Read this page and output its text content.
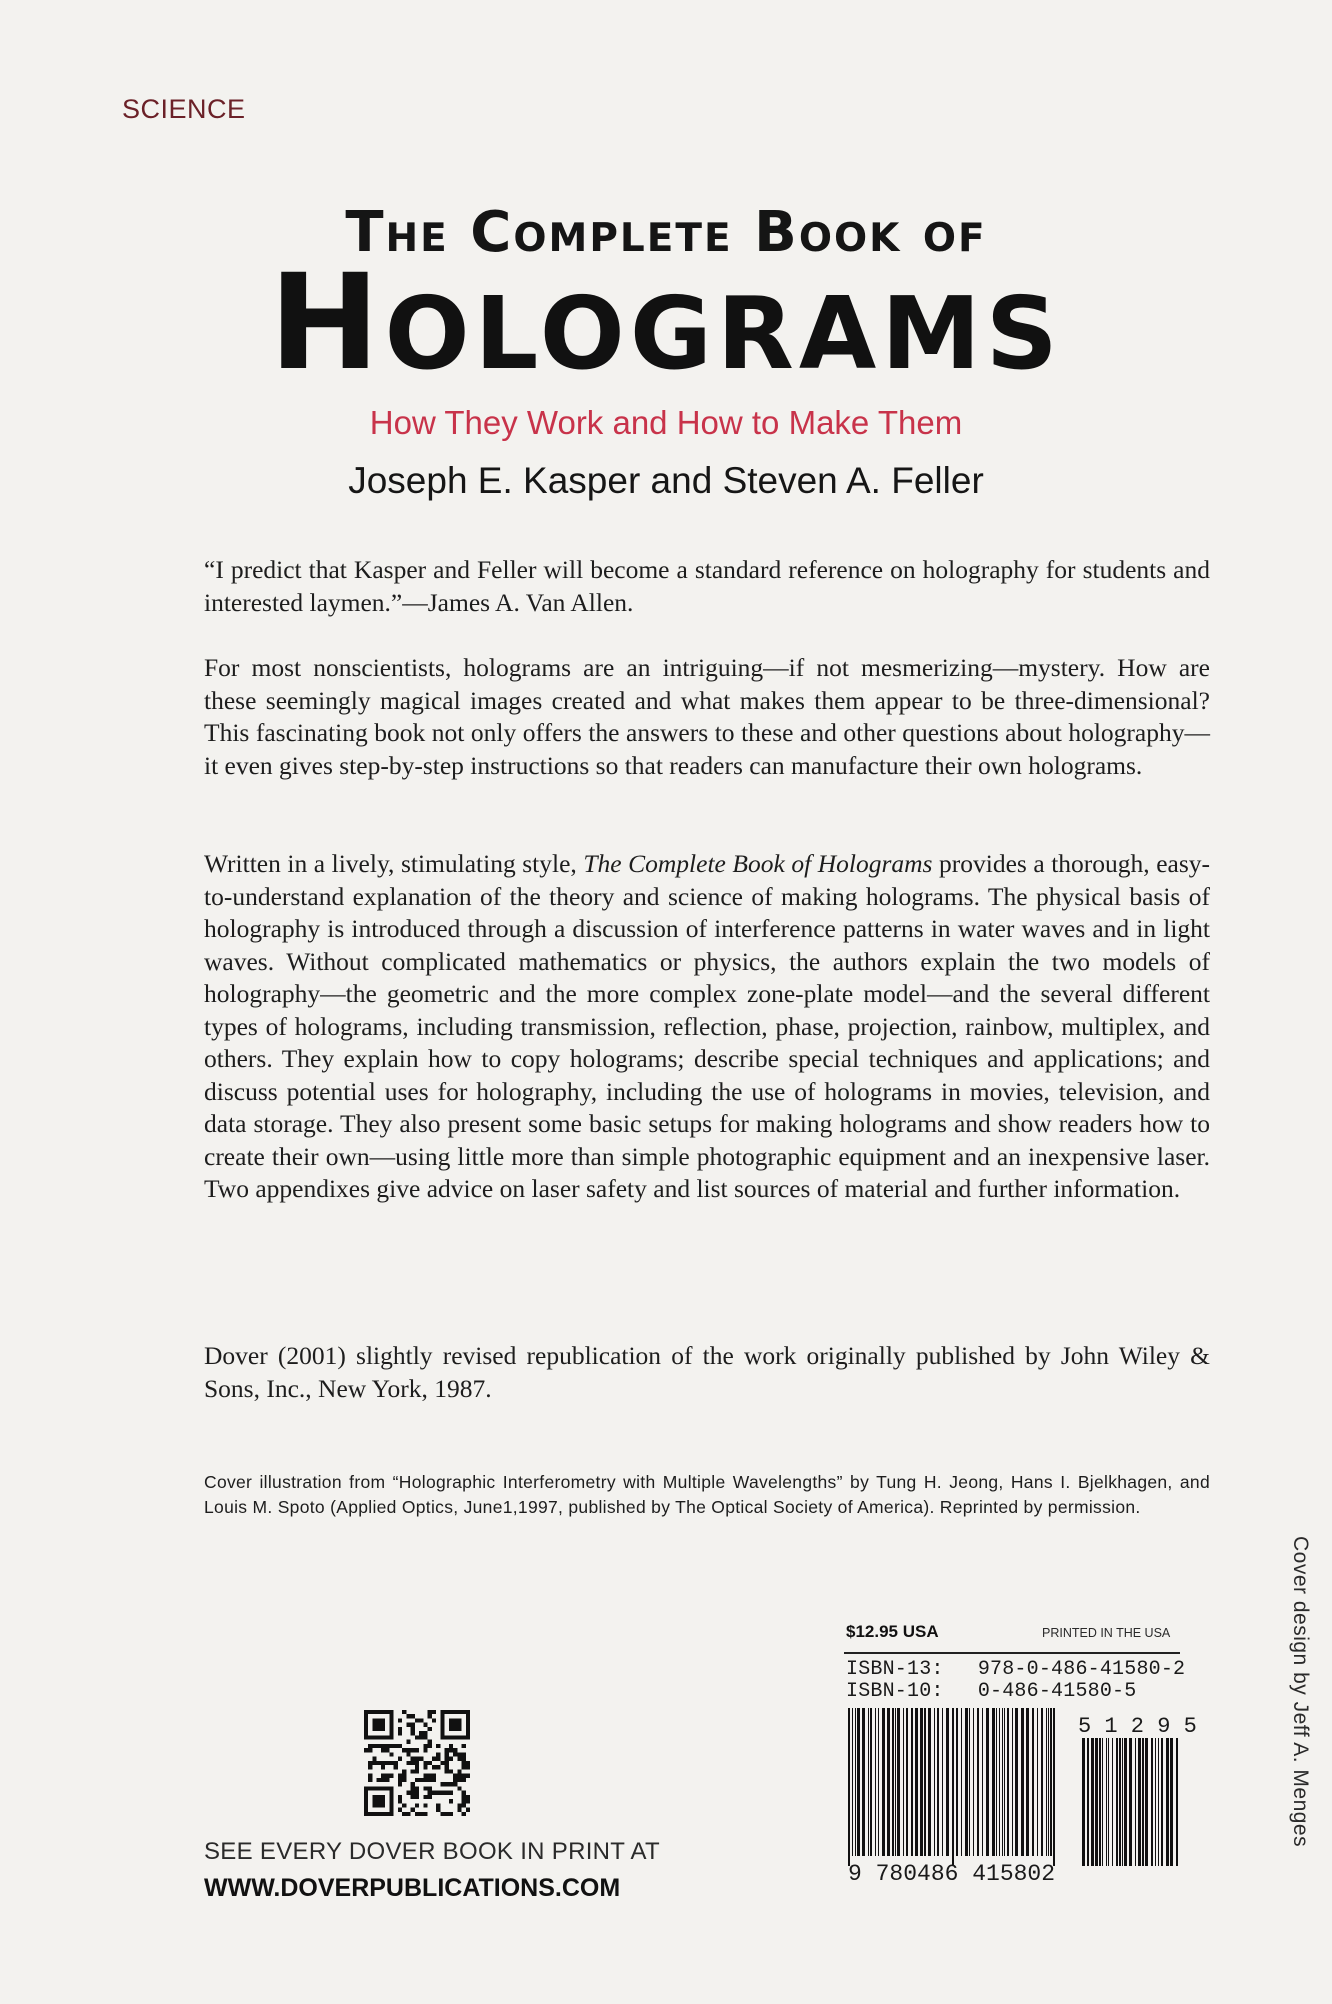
SCIENCE
The Complete Book of
HOLOGRAMS
How They Work and How to Make Them
Joseph E. Kasper and Steven A. Feller
“I predict that Kasper and Feller will become a standard reference on holography for students and interested laymen.”—James A. Van Allen.
For most nonscientists, holograms are an intriguing—if not mesmerizing—mystery. How are these seemingly magical images created and what makes them appear to be three-dimensional? This fascinating book not only offers the answers to these and other questions about holography—it even gives step-by-step instructions so that readers can manufacture their own holograms.
Written in a lively, stimulating style, The Complete Book of Holograms provides a thorough, easy-to-understand explanation of the theory and science of making holograms. The physical basis of holography is introduced through a discussion of interference patterns in water waves and in light waves. Without complicated mathematics or physics, the authors explain the two models of holography—the geometric and the more complex zone-plate model—and the several different types of holograms, including transmission, reflection, phase, projection, rainbow, multiplex, and others. They explain how to copy holograms; describe special techniques and applications; and discuss potential uses for holography, including the use of holograms in movies, television, and data storage. They also present some basic setups for making holograms and show readers how to create their own—using little more than simple photographic equipment and an inexpensive laser. Two appendixes give advice on laser safety and list sources of material and further information.
Dover (2001) slightly revised republication of the work originally published by John Wiley & Sons, Inc., New York, 1987.
Cover illustration from “Holographic Interferometry with Multiple Wavelengths” by Tung H. Jeong, Hans I. Bjelkhagen, and Louis M. Spoto (Applied Optics, June1,1997, published by The Optical Society of America). Reprinted by permission.
Cover design by Jeff A. Menges
SEE EVERY DOVER BOOK IN PRINT AT
WWW.DOVERPUBLICATIONS.COM
$12.95 USA	PRINTED IN THE USA
ISBN-13: 978-0-486-41580-2
ISBN-10: 0-486-41580-5
9 780486 415802
5 1 2 9 5
